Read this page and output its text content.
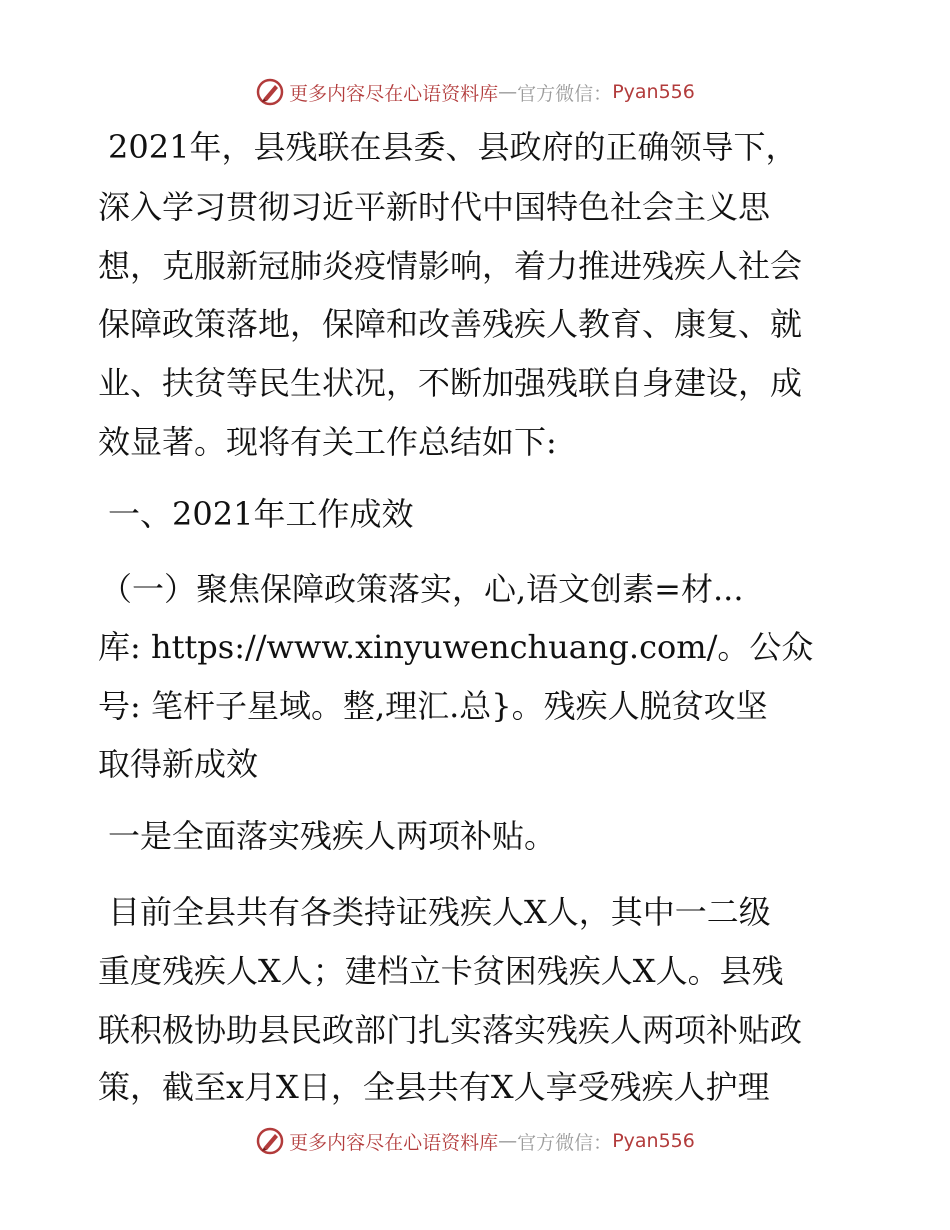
更多内容尽在心语资料库 — 官方微信： Pyan556
2021年，县残联在县委、县政府的正确领导下，
深入学习贯彻习近平新时代中国特色社会主义思
想，克服新冠肺炎疫情影响，着力推进残疾人社会
保障政策落地，保障和改善残疾人教育、康复、就
业、扶贫等民生状况，不断加强残联自身建设，成
效显著。现将有关工作总结如下:
一、2021年工作成效
（一）聚焦保障政策落实，心,语文创素=材...
库: https://www.xinyuwenchuang.com/。公众
号: 笔杆子星域。整,理汇.总}。残疾人脱贫攻坚
取得新成效
一是全面落实残疾人两项补贴。
目前全县共有各类持证残疾人X人，其中一二级
重度残疾人X人；建档立卡贫困残疾人X人。县残
联积极协助县民政部门扎实落实残疾人两项补贴政
策，截至x月X日，全县共有X人享受残疾人护理
更多内容尽在心语资料库 — 官方微信： Pyan556
